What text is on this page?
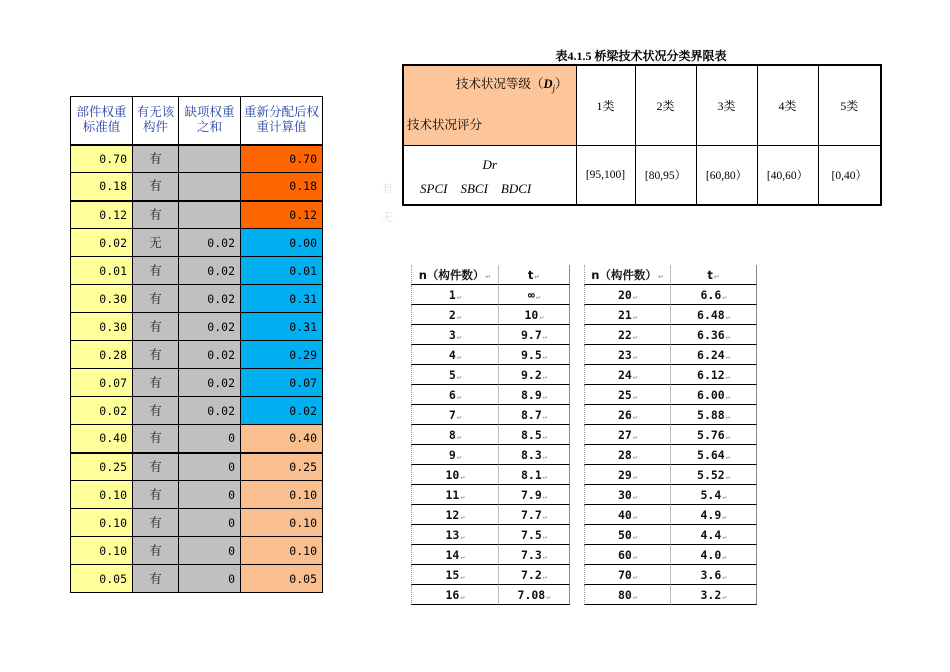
部件权重标准值	有无该构件	缺项权重之和	重新分配后权重计算值
0.70	有		0.70
0.18	有		0.18
0.12	有		0.12
0.02	无	0.02	0.00
0.01	有	0.02	0.01
0.30	有	0.02	0.31
0.30	有	0.02	0.31
0.28	有	0.02	0.29
0.07	有	0.02	0.07
0.02	有	0.02	0.02
0.40	有	0	0.40
0.25	有	0	0.25
0.10	有	0	0.10
0.10	有	0	0.10
0.10	有	0	0.10
0.05	有	0	0.05
有
无
表4.1.5 桥梁技术状况分类界限表
技术状况等级$(D_j)$
技术状况评分	1类	2类	3类	4类	5类

Dr
SPCI SBCI BDCI	[95,100]	[80,95）	[60,80）	[40,60）	[0,40）
n（构件数） ↵	t ↵	n（构件数） ↵	t ↵
1 ↵	∞ ↵	20 ↵	6.6 ↵
2 ↵	10 ↵	21 ↵	6.48 ↵
3 ↵	9.7 ↵	22 ↵	6.36 ↵
4 ↵	9.5 ↵	23 ↵	6.24 ↵
5 ↵	9.2 ↵	24 ↵	6.12 ↵
6 ↵	8.9 ↵	25 ↵	6.00 ↵
7 ↵	8.7 ↵	26 ↵	5.88 ↵
8 ↵	8.5 ↵	27 ↵	5.76 ↵
9 ↵	8.3 ↵	28 ↵	5.64 ↵
10 ↵	8.1 ↵	29 ↵	5.52 ↵
11 ↵	7.9 ↵	30 ↵	5.4 ↵
12 ↵	7.7 ↵	40 ↵	4.9 ↵
13 ↵	7.5 ↵	50 ↵	4.4 ↵
14 ↵	7.3 ↵	60 ↵	4.0 ↵
15 ↵	7.2 ↵	70 ↵	3.6 ↵
16 ↵	7.08 ↵	80 ↵	3.2 ↵
